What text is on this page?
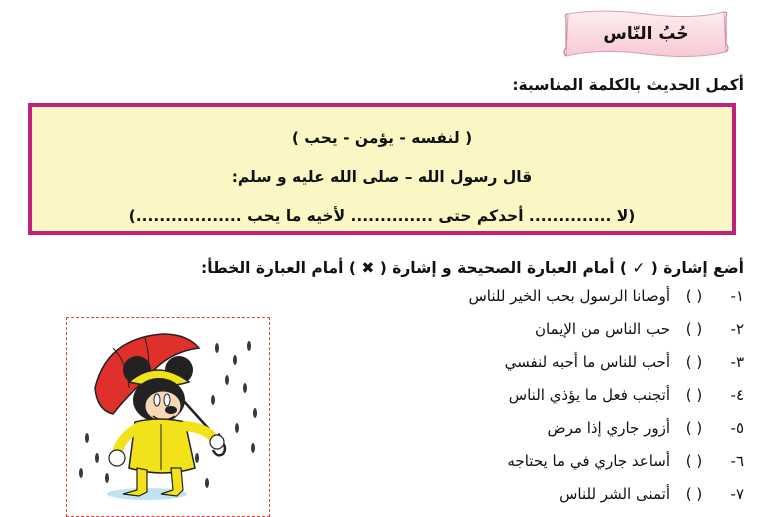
حُبُ النّاس
أكمل الحديث بالكلمة المناسبة:
( لنفسه - يؤمن - يحب )
قال رسول الله – صلى الله عليه و سلم:
(لا .............. أحدكم حتى .............. لأخيه ما يحب ..................)
أضع إشارة ( ✓ ) أمام العبارة الصحيحة و إشارة ( ✖ ) أمام العبارة الخطأ:
١-
( )
أوصانا الرسول بحب الخير للناس
٢-
( )
حب الناس من الإيمان
٣-
( )
أحب للناس ما أحبه لنفسي
٤-
( )
أتجنب فعل ما يؤذي الناس
٥-
( )
أزور جاري إذا مرض
٦-
( )
أساعد جاري في ما يحتاجه
٧-
( )
أتمنى الشر للناس
